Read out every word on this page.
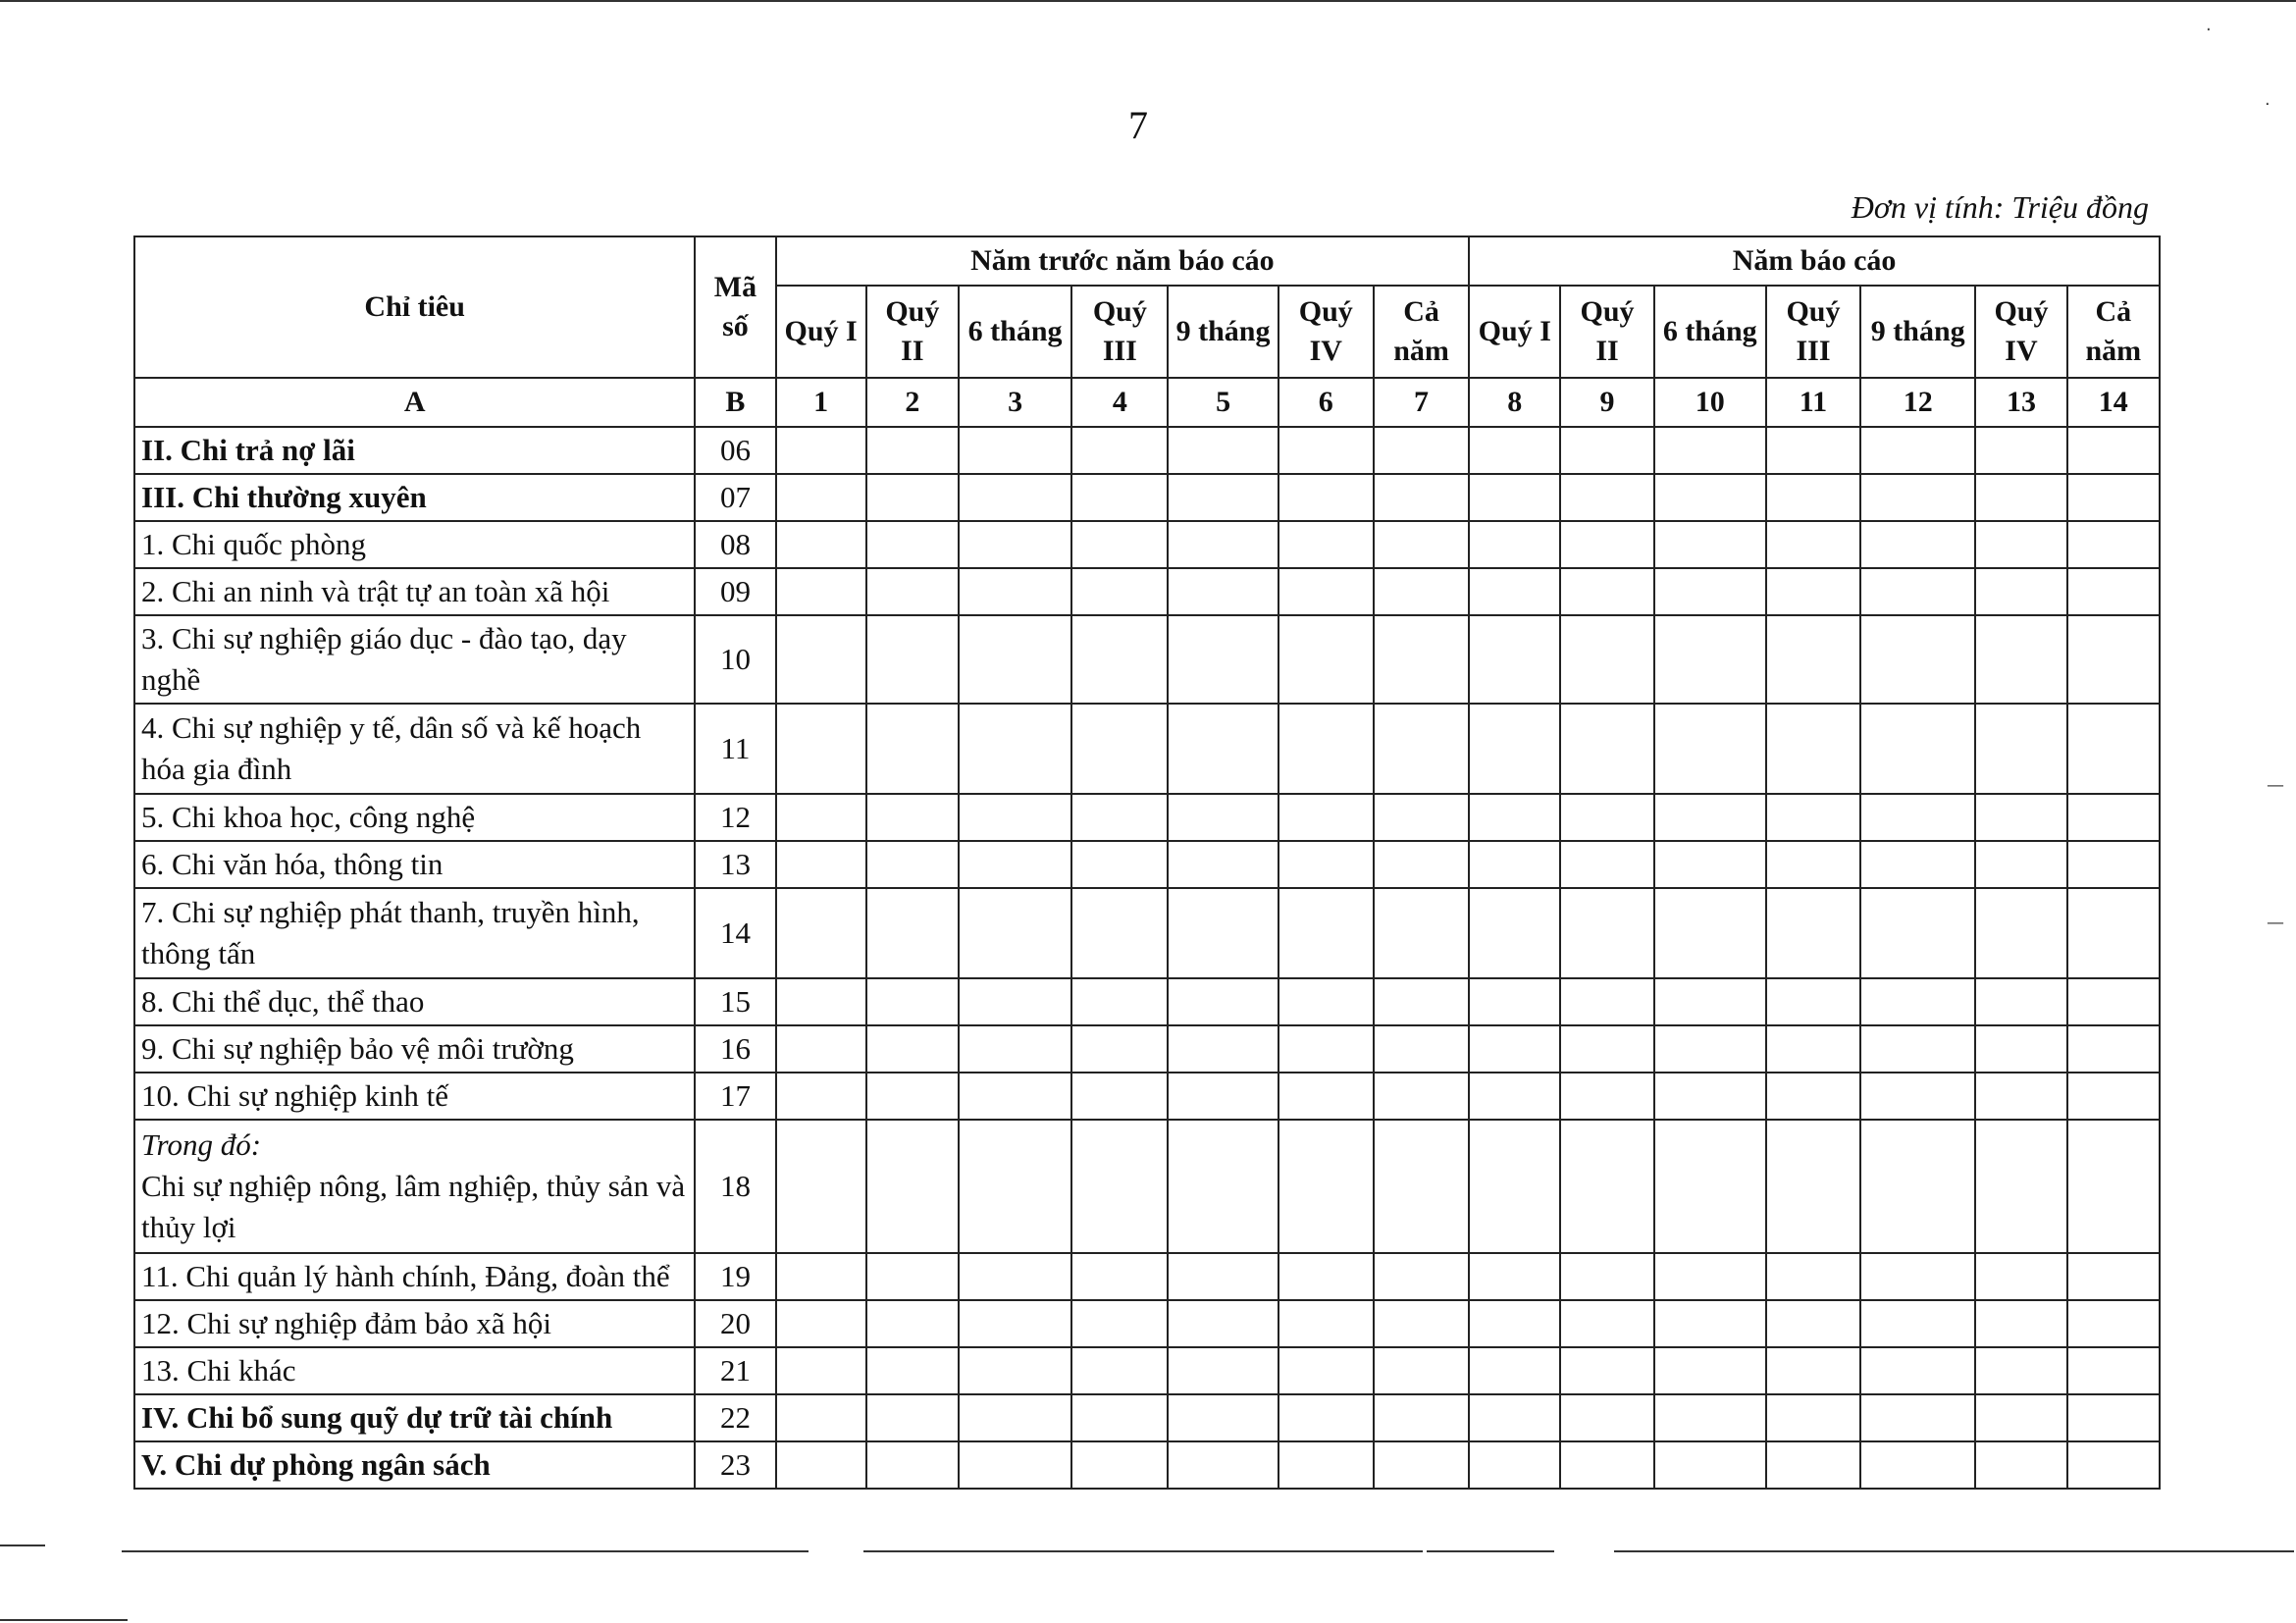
7
Đơn vị tính: Triệu đồng
Chỉ tiêu	Mã số	Năm trước năm báo cáo							Năm báo cáo						
		Quý I	Quý II	6 tháng	Quý III	9 tháng	Quý IV	Cả năm	Quý I	Quý II	6 tháng	Quý III	9 tháng	Quý IV	Cả năm
A	B	1	2	3	4	5	6	7	8	9	10	11	12	13	14
II. Chi trả nợ lãi	06														
III. Chi thường xuyên	07														
1. Chi quốc phòng	08														
2. Chi an ninh và trật tự an toàn xã hội	09														
3. Chi sự nghiệp giáo dục - đào tạo, dạy nghề	10														
4. Chi sự nghiệp y tế, dân số và kế hoạch hóa gia đình	11														
5. Chi khoa học, công nghệ	12														
6. Chi văn hóa, thông tin	13														
7. Chi sự nghiệp phát thanh, truyền hình, thông tấn	14														
8. Chi thể dục, thể thao	15														
9. Chi sự nghiệp bảo vệ môi trường	16														
10. Chi sự nghiệp kinh tế	17														

Trong đó:
Chi sự nghiệp nông, lâm nghiệp, thủy sản và thủy lợi	18														
11. Chi quản lý hành chính, Đảng, đoàn thể	19														
12. Chi sự nghiệp đảm bảo xã hội	20														
13. Chi khác	21														
IV. Chi bổ sung quỹ dự trữ tài chính	22														
V. Chi dự phòng ngân sách	23														
·
·
—
—
